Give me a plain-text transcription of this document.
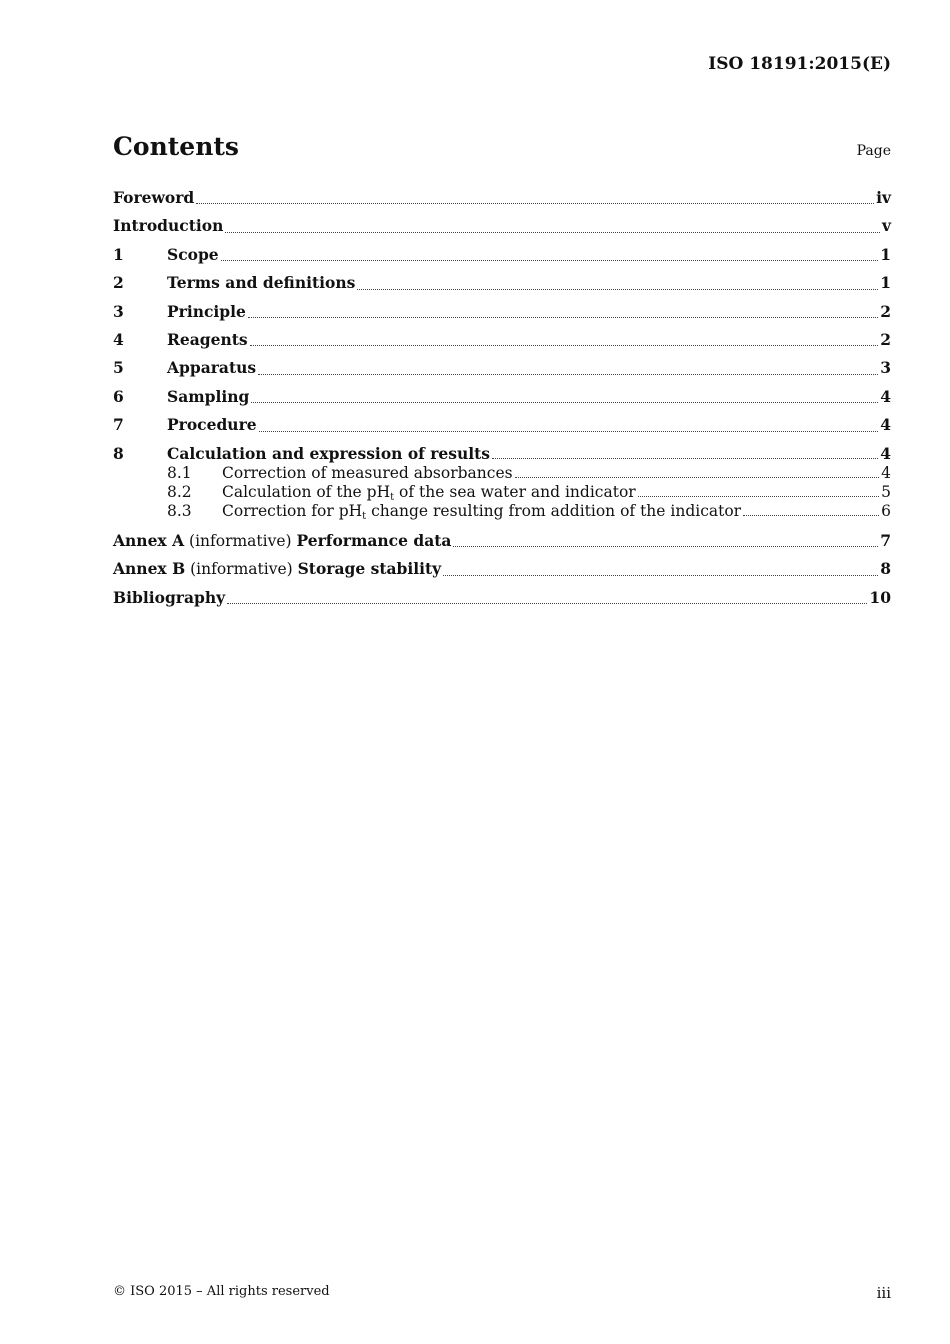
ISO 18191:2015(E)
Contents	Page
Foreword	iv
Introduction	v
1	Scope	1
2	Terms and definitions	1
3	Principle	2
4	Reagents	2
5	Apparatus	3
6	Sampling	4
7	Procedure	4
8	Calculation and expression of results	4
8.1	Correction of measured absorbances	4
8.2	Calculation of the $pH_t$ of the sea water and indicator	5
8.3	Correction for $pH_t$ change resulting from addition of the indicator	6
Annex A (informative) Performance data	7
Annex B (informative) Storage stability	8
Bibliography	10
© ISO 2015 – All rights reserved	iii
